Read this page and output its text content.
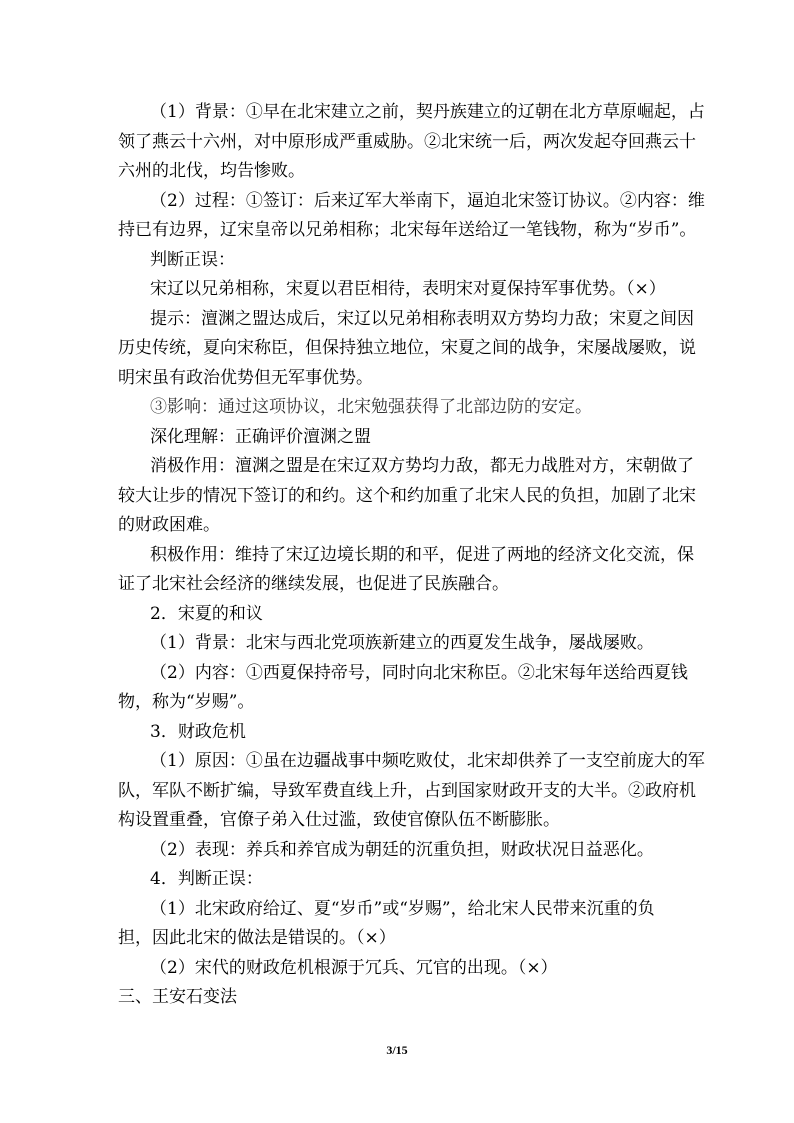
（1）背景：①早在北宋建立之前，契丹族建立的辽朝在北方草原崛起，占
领了燕云十六州，对中原形成严重威胁。②北宋统一后，两次发起夺回燕云十
六州的北伐，均告惨败。
（2）过程：①签订：后来辽军大举南下，逼迫北宋签订协议。②内容：维
持已有边界，辽宋皇帝以兄弟相称；北宋每年送给辽一笔钱物，称为“岁币”。
判断正误：
宋辽以兄弟相称，宋夏以君臣相待，表明宋对夏保持军事优势。（×）
提示：澶渊之盟达成后，宋辽以兄弟相称表明双方势均力敌；宋夏之间因
历史传统，夏向宋称臣，但保持独立地位，宋夏之间的战争，宋屡战屡败，说
明宋虽有政治优势但无军事优势。
③影响：通过这项协议，北宋勉强获得了北部边防的安定。
深化理解：正确评价澶渊之盟
消极作用：澶渊之盟是在宋辽双方势均力敌，都无力战胜对方，宋朝做了
较大让步的情况下签订的和约。这个和约加重了北宋人民的负担，加剧了北宋
的财政困难。
积极作用：维持了宋辽边境长期的和平，促进了两地的经济文化交流，保
证了北宋社会经济的继续发展，也促进了民族融合。
2．宋夏的和议
（1）背景：北宋与西北党项族新建立的西夏发生战争，屡战屡败。
（2）内容：①西夏保持帝号，同时向北宋称臣。②北宋每年送给西夏钱
物，称为“岁赐”。
3．财政危机
（1）原因：①虽在边疆战事中频吃败仗，北宋却供养了一支空前庞大的军
队，军队不断扩编，导致军费直线上升，占到国家财政开支的大半。②政府机
构设置重叠，官僚子弟入仕过滥，致使官僚队伍不断膨胀。
（2）表现：养兵和养官成为朝廷的沉重负担，财政状况日益恶化。
4．判断正误：
（1）北宋政府给辽、夏“岁币”或“岁赐”，给北宋人民带来沉重的负
担，因此北宋的做法是错误的。（×）
（2）宋代的财政危机根源于冗兵、冗官的出现。（×）
三、王安石变法
3/15
